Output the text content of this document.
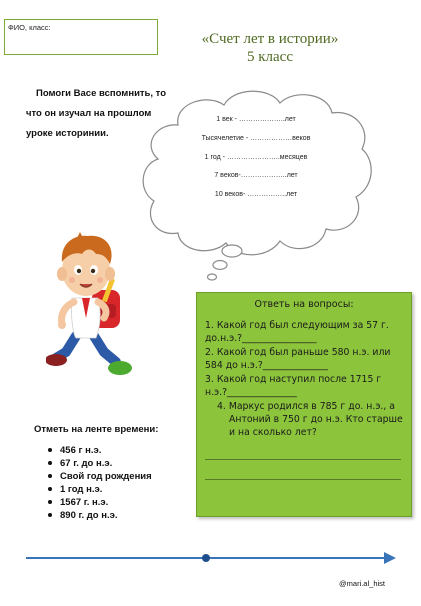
ФИО, класс:
«Счет лет в истории»
5 класс
Помоги Васе вспомнить, то что он изучал на прошлом уроке историнии.
1 век - ………………..лет
Тысячелетие - ………………веков
1 год - …………………..месяцев
7 веков-………………..лет
10 веков- ……………..лет
Ответь на вопросы:
1. Какой год был следующим за 57 г. до.н.э.?________________
2. Какой год был раньше 580 н.э. или 584 до н.э.?______________
3. Какой год наступил после 1715 г н.э.?_______________
4. Маркус родился в 785 г до. н.э., а Антоний в 750 г до н.э. Кто старше и на сколько лет?
Отметь на ленте времени:
456 г н.э.
67 г. до н.э.
Свой год рождения
1 год н.э.
1567 г. н.э.
890 г. до н.э.
@mari.al_hist
